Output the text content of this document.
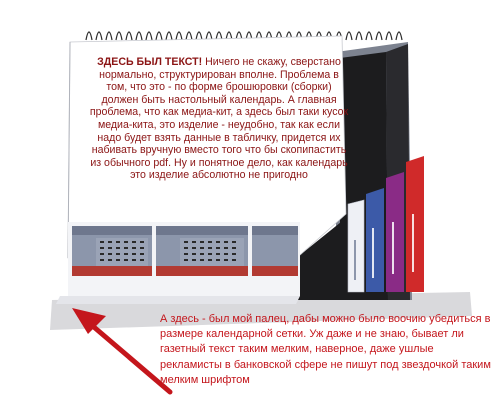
ЗДЕСЬ БЫЛ ТЕКСТ! Ничего не скажу, сверстано нормально, структурирован вполне. Проблема в том, что это - по форме брошюровки (сборки) должен быть настольный календарь. А главная проблема, что как медиа-кит, а здесь был таки кусок медиа-кита, это изделие - неудобно, так как если надо будет взять данные в табличку, придется их набивать вручную вместо того что бы скопипастить из обычного pdf. Ну и понятное дело, как календарь это изделие абсолютно не пригодно
А здесь - был мой палец, дабы можно было воочию убедиться в размере календарной сетки. Уж даже и не знаю, бывает ли газетный текст таким мелким, наверное, даже ушлые рекламисты в банковской сфере не пишут под звездочкой таким мелким шрифтом
